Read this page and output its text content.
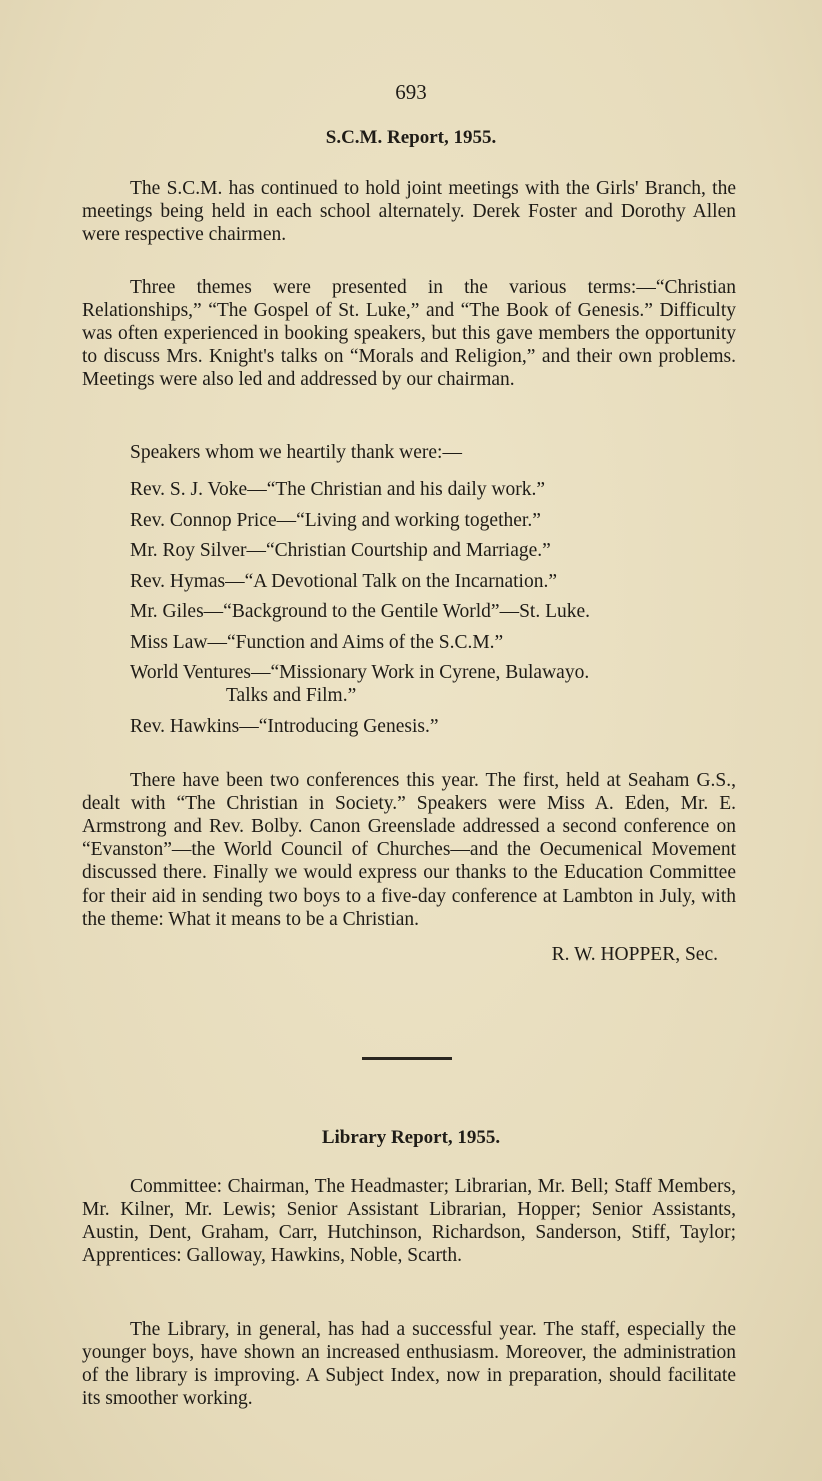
693
S.C.M. Report, 1955.

The S.C.M. has continued to hold joint meetings with the Girls' Branch, the meetings being held in each school alternately. Derek Foster and Dorothy Allen were respective chairmen.

Three themes were presented in the various terms:—“Christian Relationships,” “The Gospel of St. Luke,” and “The Book of Genesis.” Difficulty was often experienced in booking speakers, but this gave members the opportunity to discuss Mrs. Knight's talks on “Morals and Religion,” and their own problems. Meetings were also led and addressed by our chairman.

Speakers whom we heartily thank were:—
Rev. S. J. Voke—“The Christian and his daily work.”
Rev. Connop Price—“Living and working together.”
Mr. Roy Silver—“Christian Courtship and Marriage.”
Rev. Hymas—“A Devotional Talk on the Incarnation.”
Mr. Giles—“Background to the Gentile World”—St. Luke.
Miss Law—“Function and Aims of the S.C.M.”
World Ventures—“Missionary Work in Cyrene, Bulawayo.
Talks and Film.”
Rev. Hawkins—“Introducing Genesis.”

There have been two conferences this year. The first, held at Seaham G.S., dealt with “The Christian in Society.” Speakers were Miss A. Eden, Mr. E. Armstrong and Rev. Bolby. Canon Greenslade addressed a second conference on “Evanston”—the World Council of Churches—and the Oecumenical Movement discussed there. Finally we would express our thanks to the Education Committee for their aid in sending two boys to a five-day conference at Lambton in July, with the theme: What it means to be a Christian.

R. W. HOPPER, Sec.
Library Report, 1955.

Committee: Chairman, The Headmaster; Librarian, Mr. Bell; Staff Members, Mr. Kilner, Mr. Lewis; Senior Assistant Librarian, Hopper; Senior Assistants, Austin, Dent, Graham, Carr, Hutchinson, Richardson, Sanderson, Stiff, Taylor; Apprentices: Galloway, Hawkins, Noble, Scarth.

The Library, in general, has had a successful year. The staff, especially the younger boys, have shown an increased enthusiasm. Moreover, the administration of the library is improving. A Subject Index, now in preparation, should facilitate its smoother working.
